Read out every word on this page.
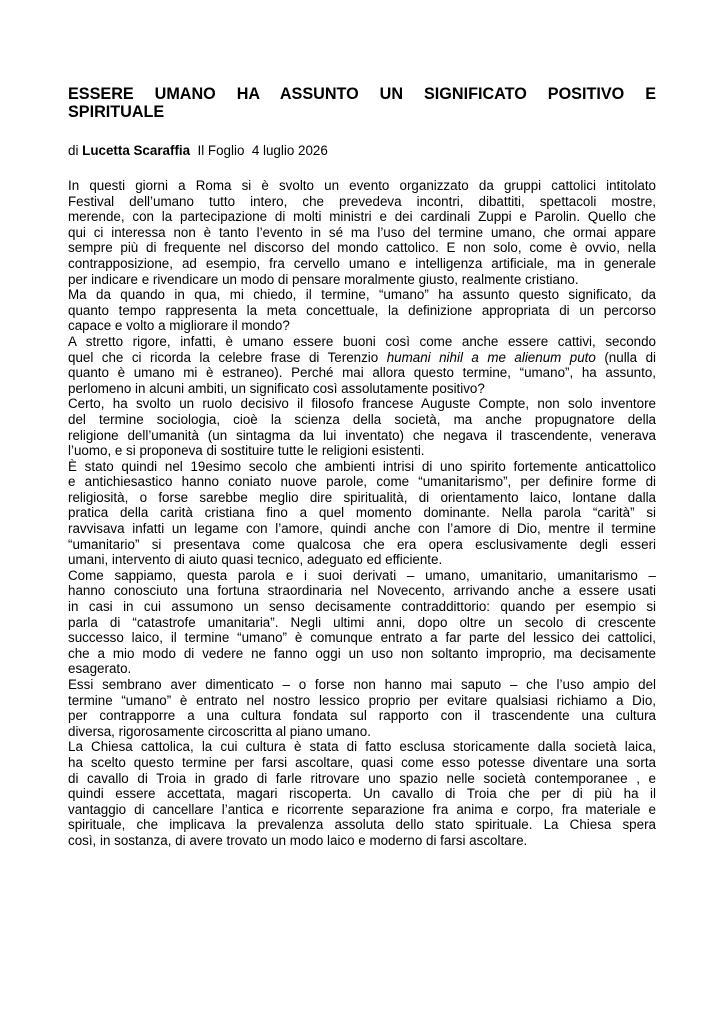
ESSERE UMANO HA ASSUNTO UN SIGNIFICATO POSITIVO E
SPIRITUALE

di Lucetta Scaraffia  Il Foglio  4 luglio 2026

In questi giorni a Roma si è svolto un evento organizzato da gruppi cattolici intitolato
Festival dell’umano tutto intero, che prevedeva incontri, dibattiti, spettacoli mostre,
merende, con la partecipazione di molti ministri e dei cardinali Zuppi e Parolin. Quello che
qui ci interessa non è tanto l’evento in sé ma l’uso del termine umano, che ormai appare
sempre più di frequente nel discorso del mondo cattolico. E non solo, come è ovvio, nella
contrapposizione, ad esempio, fra cervello umano e intelligenza artificiale, ma in generale
per indicare e rivendicare un modo di pensare moralmente giusto, realmente cristiano.
Ma da quando in qua, mi chiedo, il termine, “umano” ha assunto questo significato, da
quanto tempo rappresenta la meta concettuale, la definizione appropriata di un percorso
capace e volto a migliorare il mondo?
A stretto rigore, infatti, è umano essere buoni così come anche essere cattivi, secondo
quel che ci ricorda la celebre frase di Terenzio humani nihil a me alienum puto (nulla di
quanto è umano mi è estraneo). Perché mai allora questo termine, “umano”, ha assunto,
perlomeno in alcuni ambiti, un significato così assolutamente positivo?
Certo, ha svolto un ruolo decisivo il filosofo francese Auguste Compte, non solo inventore
del termine sociologia, cioè la scienza della società, ma anche propugnatore della
religione dell’umanità (un sintagma da lui inventato) che negava il trascendente, venerava
l’uomo, e si proponeva di sostituire tutte le religioni esistenti.
È stato quindi nel 19esimo secolo che ambienti intrisi di uno spirito fortemente anticattolico
e antichiesastico hanno coniato nuove parole, come “umanitarismo”, per definire forme di
religiosità, o forse sarebbe meglio dire spiritualità, di orientamento laico, lontane dalla
pratica della carità cristiana fino a quel momento dominante. Nella parola “carità” si
ravvisava infatti un legame con l’amore, quindi anche con l’amore di Dio, mentre il termine
“umanitario” si presentava come qualcosa che era opera esclusivamente degli esseri
umani, intervento di aiuto quasi tecnico, adeguato ed efficiente.
Come sappiamo, questa parola e i suoi derivati – umano, umanitario, umanitarismo –
hanno conosciuto una fortuna straordinaria nel Novecento, arrivando anche a essere usati
in casi in cui assumono un senso decisamente contraddittorio: quando per esempio si
parla di “catastrofe umanitaria”. Negli ultimi anni, dopo oltre un secolo di crescente
successo laico, il termine “umano” è comunque entrato a far parte del lessico dei cattolici,
che a mio modo di vedere ne fanno oggi un uso non soltanto improprio, ma decisamente
esagerato.
Essi sembrano aver dimenticato – o forse non hanno mai saputo – che l’uso ampio del
termine “umano” è entrato nel nostro lessico proprio per evitare qualsiasi richiamo a Dio,
per contrapporre a una cultura fondata sul rapporto con il trascendente una cultura
diversa, rigorosamente circoscritta al piano umano.
La Chiesa cattolica, la cui cultura è stata di fatto esclusa storicamente dalla società laica,
ha scelto questo termine per farsi ascoltare, quasi come esso potesse diventare una sorta
di cavallo di Troia in grado di farle ritrovare uno spazio nelle società contemporanee , e
quindi essere accettata, magari riscoperta. Un cavallo di Troia che per di più ha il
vantaggio di cancellare l’antica e ricorrente separazione fra anima e corpo, fra materiale e
spirituale, che implicava la prevalenza assoluta dello stato spirituale. La Chiesa spera
così, in sostanza, di avere trovato un modo laico e moderno di farsi ascoltare.
